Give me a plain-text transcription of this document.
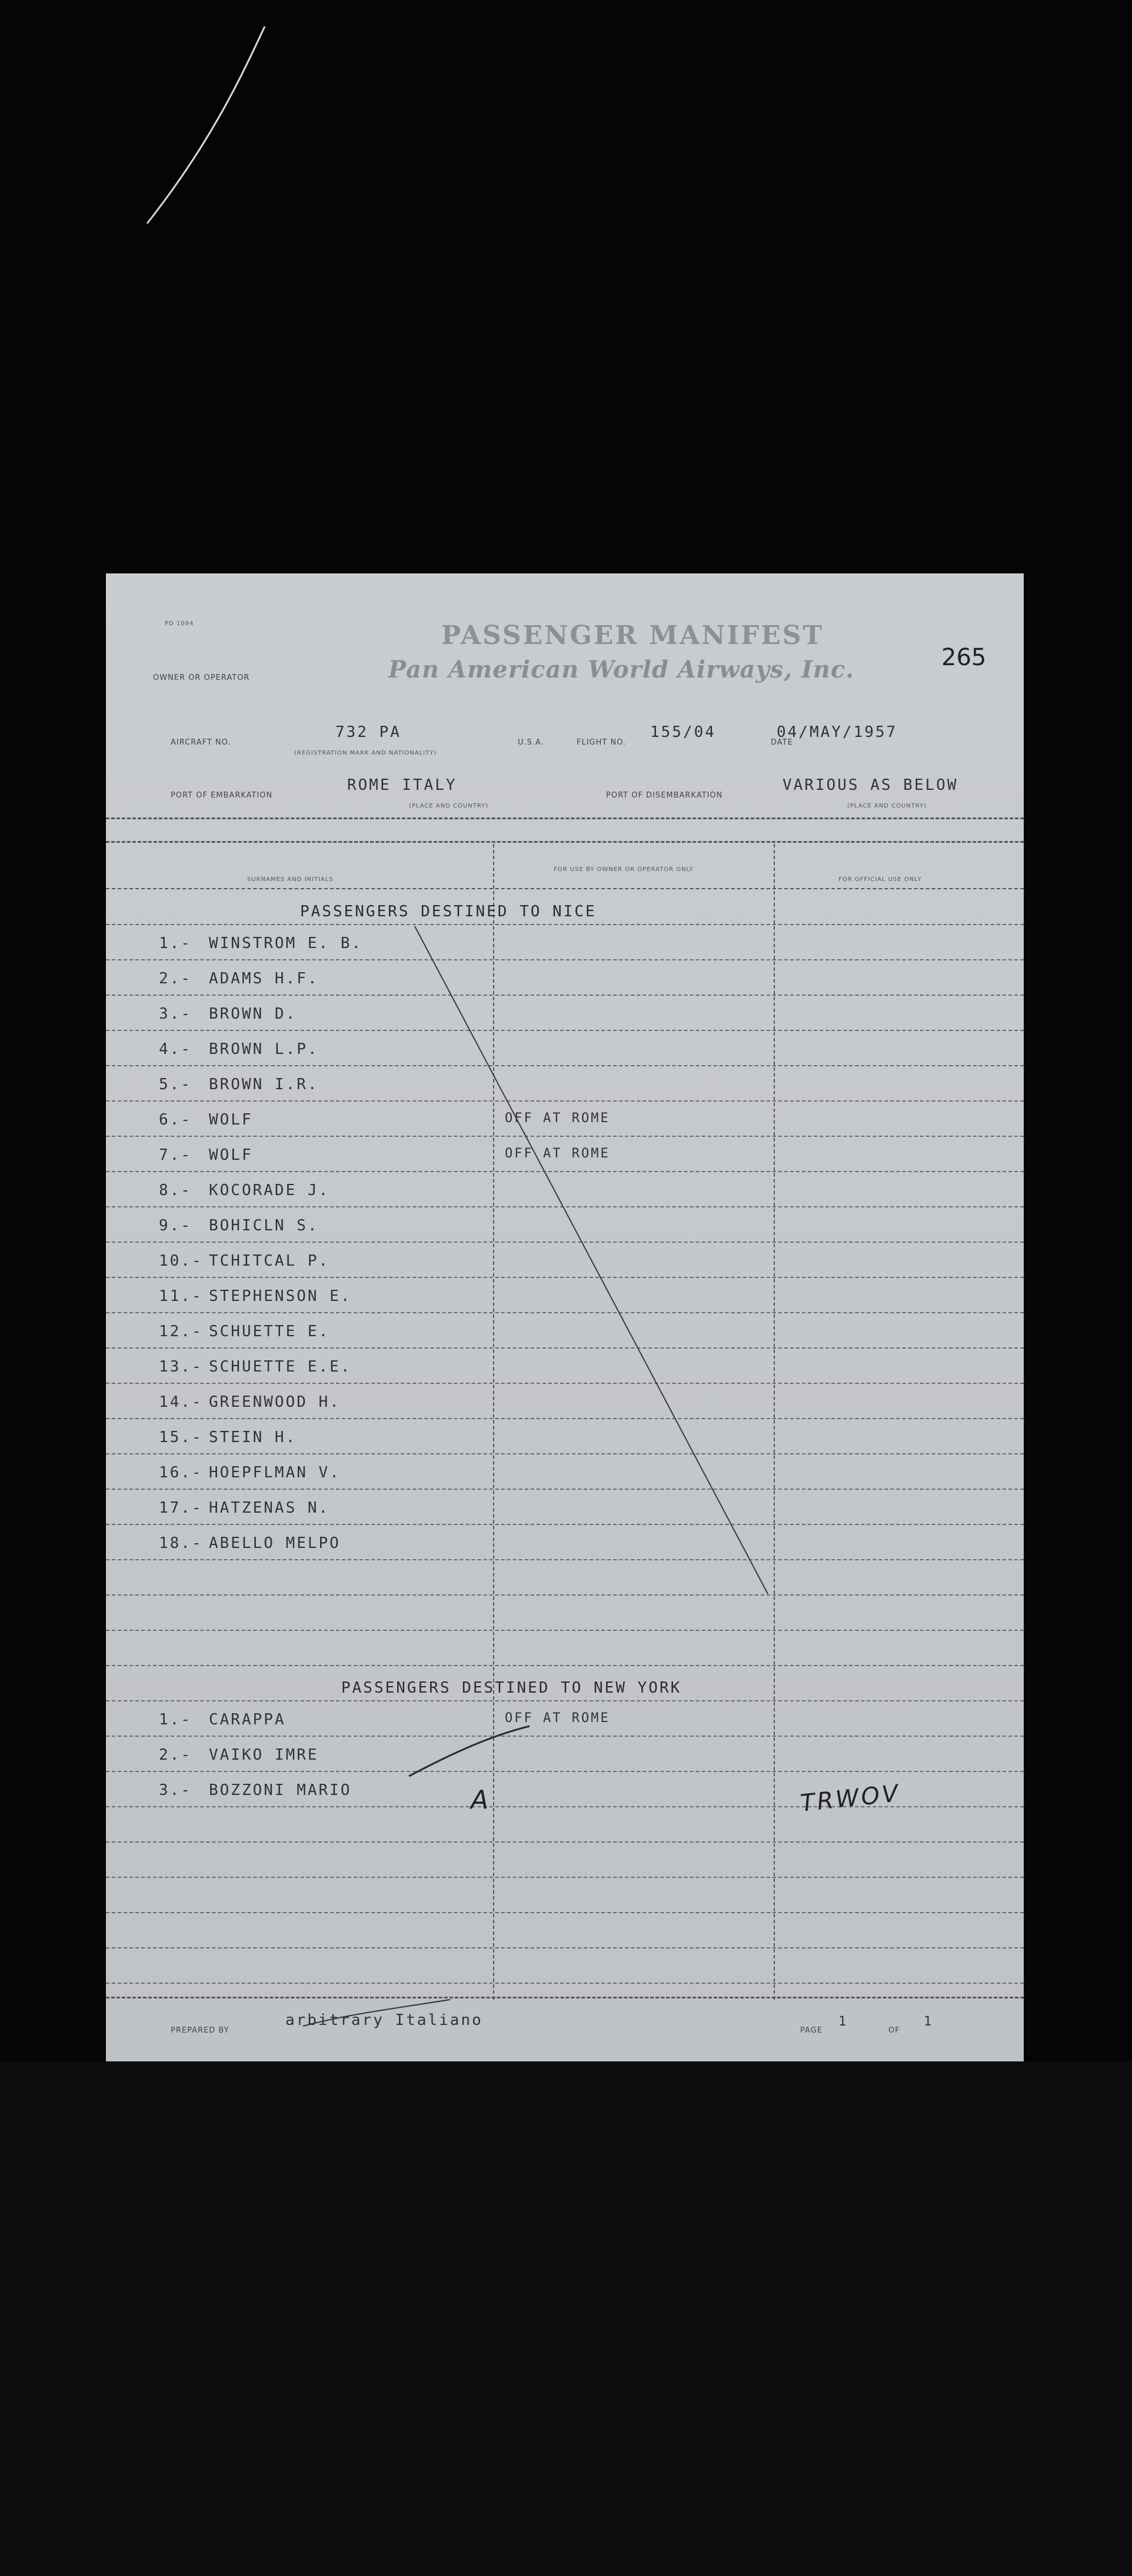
PD 1094
OWNER OR OPERATOR
PASSENGER MANIFEST
Pan American World Airways, Inc.	265
AIRCRAFT NO.
732 PA
(REGISTRATION MARK AND NATIONALITY)
U.S.A.	FLIGHT NO.
155/04
DATE
04/MAY/1957
PORT OF EMBARKATION
ROME ITALY
(PLACE AND COUNTRY)
PORT OF DISEMBARKATION
VARIOUS AS BELOW
(PLACE AND COUNTRY)
SURNAMES AND INITIALS
FOR USE BY OWNER OR OPERATOR ONLY
FOR OFFICIAL USE ONLY
PASSENGERS DESTINED TO NICE
1.- WINSTROM E. B.
2.- ADAMS H.F.
3.- BROWN D.
4.- BROWN L.P.
5.- BROWN I.R.
6.- WOLF	OFF AT ROME
7.- WOLF	OFF AT ROME
8.- KOCORADE J.
9.- BOHICLN S.
10.- TCHITCAL P.
11.- STEPHENSON E.
12.- SCHUETTE E.
13.- SCHUETTE E.E.
14.- GREENWOOD H.
15.- STEIN H.
16.- HOEPFLMAN V.
17.- HATZENAS N.
18.- ABELLO MELPO
PASSENGERS DESTINED TO NEW YORK
1.- CARAPPA	OFF AT ROME
2.- VAIKO IMRE
3.- BOZZONI MARIO	A	TRWOV
PREPARED BY
arbitrary Italiano
PAGE
1
OF
1
